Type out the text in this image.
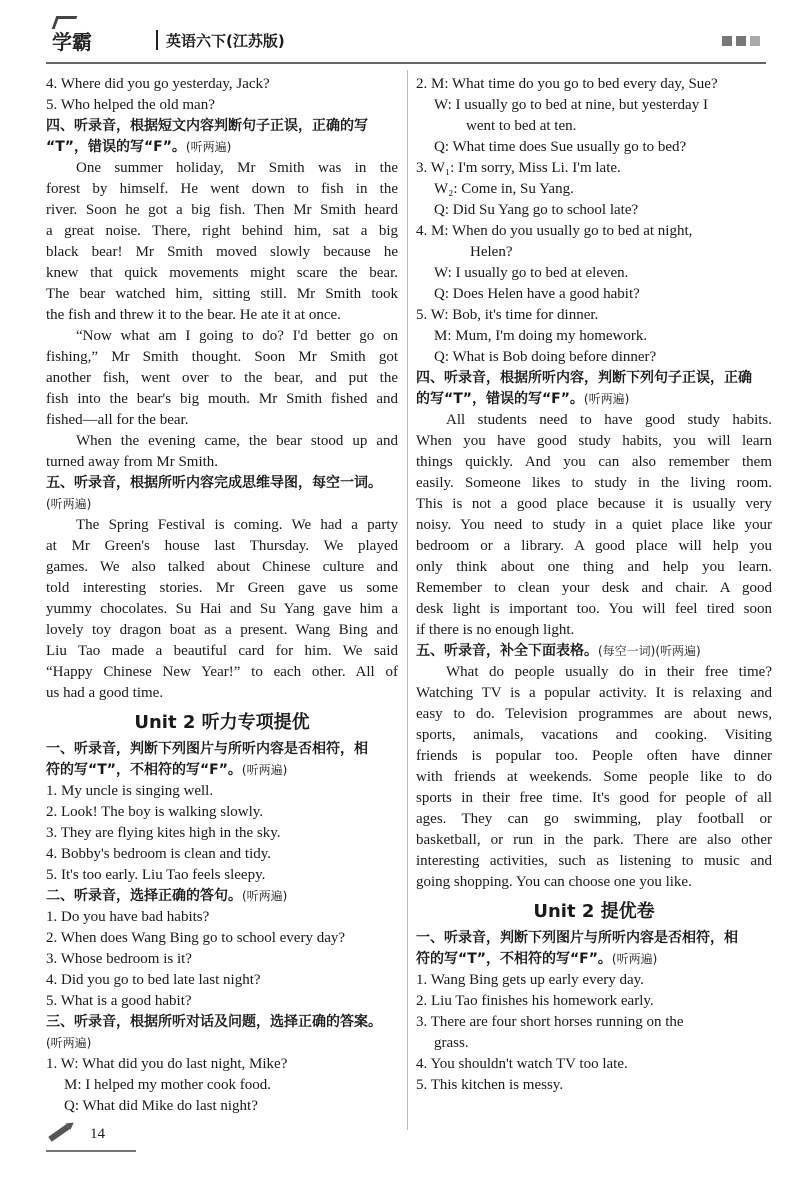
学霸	英语六下(江苏版)
4. Where did you go yesterday, Jack?
5. Who helped the old man?
四、听录音，根据短文内容判断句子正误，正确的写
“T”，错误的写“F”。(听两遍)
One summer holiday, Mr Smith was in the
forest by himself. He went down to fish in the
river. Soon he got a big fish. Then Mr Smith heard
a great noise. There, right behind him, sat a big
black bear! Mr Smith moved slowly because he
knew that quick movements might scare the bear.
The bear watched him, sitting still. Mr Smith took
the fish and threw it to the bear. He ate it at once.
“Now what am I going to do? I'd better go on
fishing,” Mr Smith thought. Soon Mr Smith got
another fish, went over to the bear, and put the
fish into the bear's big mouth. Mr Smith fished and
fished—all for the bear.
When the evening came, the bear stood up and
turned away from Mr Smith.
五、听录音，根据所听内容完成思维导图，每空一词。
(听两遍)
The Spring Festival is coming. We had a party
at Mr Green's house last Thursday. We played
games. We also talked about Chinese culture and
told interesting stories. Mr Green gave us some
yummy chocolates. Su Hai and Su Yang gave him a
lovely toy dragon boat as a present. Wang Bing and
Liu Tao made a beautiful card for him. We said
“Happy Chinese New Year!” to each other. All of
us had a good time.
Unit 2 听力专项提优
一、听录音，判断下列图片与所听内容是否相符，相
符的写“T”，不相符的写“F”。(听两遍)
1. My uncle is singing well.
2. Look! The boy is walking slowly.
3. They are flying kites high in the sky.
4. Bobby's bedroom is clean and tidy.
5. It's too early. Liu Tao feels sleepy.
二、听录音，选择正确的答句。(听两遍)
1. Do you have bad habits?
2. When does Wang Bing go to school every day?
3. Whose bedroom is it?
4. Did you go to bed late last night?
5. What is a good habit?
三、听录音，根据所听对话及问题，选择正确的答案。
(听两遍)
1. W: What did you do last night, Mike?
M: I helped my mother cook food.
Q: What did Mike do last night?
2. M: What time do you go to bed every day, Sue?
W: I usually go to bed at nine, but yesterday I
went to bed at ten.
Q: What time does Sue usually go to bed?
3. W₁: I'm sorry, Miss Li. I'm late.
W₂: Come in, Su Yang.
Q: Did Su Yang go to school late?
4. M: When do you usually go to bed at night,
Helen?
W: I usually go to bed at eleven.
Q: Does Helen have a good habit?
5. W: Bob, it's time for dinner.
M: Mum, I'm doing my homework.
Q: What is Bob doing before dinner?
四、听录音，根据所听内容，判断下列句子正误，正确
的写“T”，错误的写“F”。(听两遍)
All students need to have good study habits.
When you have good study habits, you will learn
things quickly. And you can also remember them
easily. Someone likes to study in the living room.
This is not a good place because it is usually very
noisy. You need to study in a quiet place like your
bedroom or a library. A good place will help you
only think about one thing and help you learn.
Remember to clean your desk and chair. A good
desk light is important too. You will feel tired soon
if there is no enough light.
五、听录音，补全下面表格。(每空一词)(听两遍)
What do people usually do in their free time?
Watching TV is a popular activity. It is relaxing and
easy to do. Television programmes are about news,
sports, animals, vacations and cooking. Visiting
friends is popular too. People often have dinner
with friends at weekends. Some people like to do
sports in their free time. It's good for people of all
ages. They can go swimming, play football or
basketball, or run in the park. There are also other
interesting activities, such as listening to music and
going shopping. You can choose one you like.
Unit 2 提优卷
一、听录音，判断下列图片与所听内容是否相符，相
符的写“T”，不相符的写“F”。(听两遍)
1. Wang Bing gets up early every day.
2. Liu Tao finishes his homework early.
3. There are four short horses running on the
grass.
4. You shouldn't watch TV too late.
5. This kitchen is messy.
14
